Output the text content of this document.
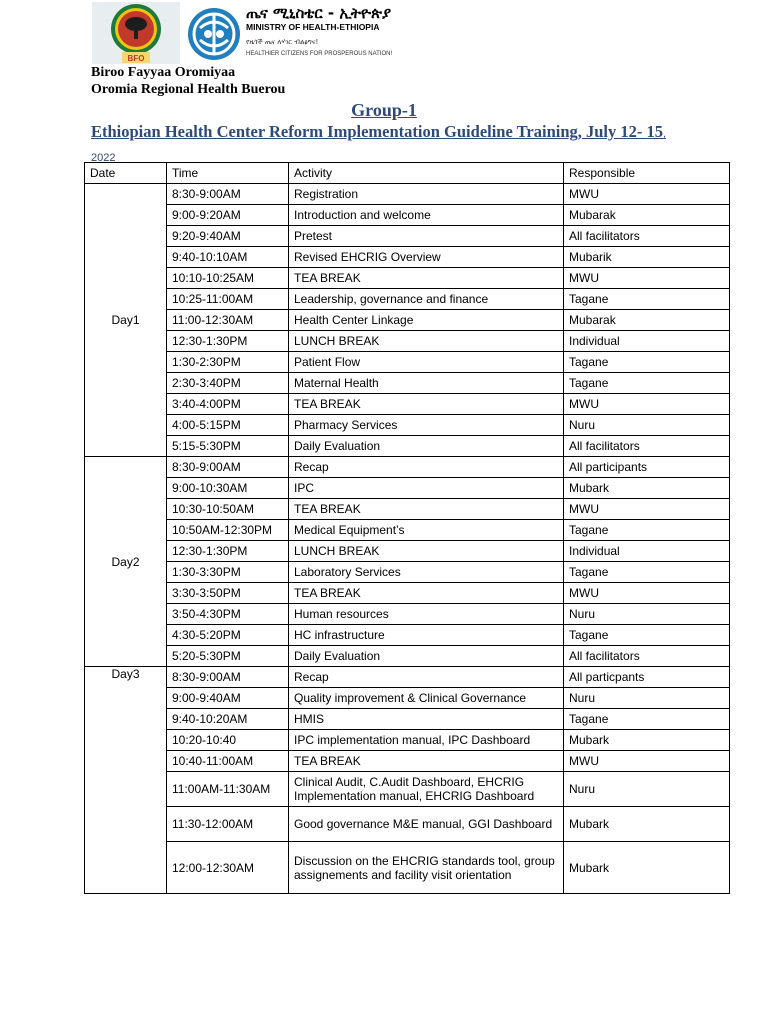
BFO
ጤና ሚኒስቴር - ኢትዮጵያ
MINISTRY OF HEALTH-ETHIOPIA
የዜጎች ጤና ለሃገር ብልፅግና!
HEALTHIER CITIZENS FOR PROSPEROUS NATION!
Biroo Fayyaa Oromiyaa
Oromia Regional Health Buerou
Group-1
Ethiopian Health Center Reform Implementation Guideline Training, July 12- 15, 2022
Date	Time	Activity	Responsible
Day1	8:30-9:00AM	Registration	MWU
	9:00-9:20AM	Introduction and welcome	Mubarak
	9:20-9:40AM	Pretest	All facilitators
	9:40-10:10AM	Revised EHCRIG Overview	Mubarik
	10:10-10:25AM	TEA BREAK	MWU
	10:25-11:00AM	Leadership, governance and finance	Tagane
	11:00-12:30AM	Health Center Linkage	Mubarak
	12:30-1:30PM	LUNCH BREAK	Individual
	1:30-2:30PM	Patient Flow	Tagane
	2:30-3:40PM	Maternal Health	Tagane
	3:40-4:00PM	TEA BREAK	MWU
	4:00-5:15PM	Pharmacy Services	Nuru
	5:15-5:30PM	Daily Evaluation	All facilitators
Day2	8:30-9:00AM	Recap	All participants
	9:00-10:30AM	IPC	Mubark
	10:30-10:50AM	TEA BREAK	MWU
	10:50AM-12:30PM	Medical Equipment’s	Tagane
	12:30-1:30PM	LUNCH BREAK	Individual
	1:30-3:30PM	Laboratory Services	Tagane
	3:30-3:50PM	TEA BREAK	MWU
	3:50-4:30PM	Human resources	Nuru
	4:30-5:20PM	HC infrastructure	Tagane
	5:20-5:30PM	Daily Evaluation	All facilitators
Day3	8:30-9:00AM	Recap	All particpants
	9:00-9:40AM	Quality improvement & Clinical Governance	Nuru
	9:40-10:20AM	HMIS	Tagane
	10:20-10:40	IPC implementation manual, IPC Dashboard	Mubark
	10:40-11:00AM	TEA BREAK	MWU
	11:00AM-11:30AM	Clinical Audit, C.Audit Dashboard, EHCRIG Implementation manual, EHCRIG Dashboard	Nuru
	11:30-12:00AM	Good governance M&E manual, GGI Dashboard	Mubark
	12:00-12:30AM	Discussion on the EHCRIG standards tool, group assignements and facility visit orientation	Mubark
